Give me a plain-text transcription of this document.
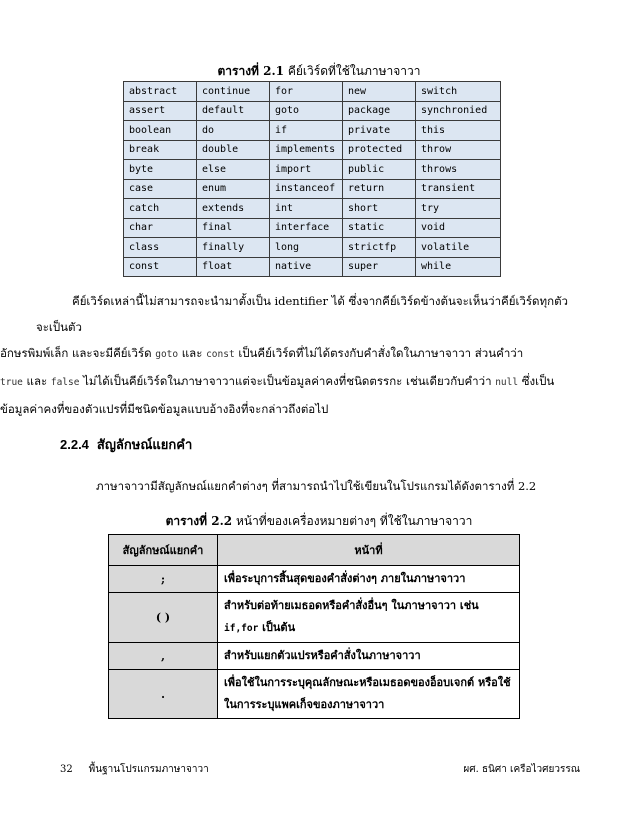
ตารางที่ 2.1 คีย์เวิร์ดที่ใช้ในภาษาจาวา
abstract	continue	for	new	switch
assert	default	goto	package	synchronied
boolean	do	if	private	this
break	double	implements	protected	throw
byte	else	import	public	throws
case	enum	instanceof	return	transient
catch	extends	int	short	try
char	final	interface	static	void
class	finally	long	strictfp	volatile
const	float	native	super	while

คีย์เวิร์ดเหล่านี้ไม่สามารถจะนำมาตั้งเป็น identifier ได้ ซึ่งจากคีย์เวิร์ดข้างต้นจะเห็นว่าคีย์เวิร์ดทุกตัวจะเป็นตัว

อักษรพิมพ์เล็ก และจะมีคีย์เวิร์ด goto และ const เป็นคีย์เวิร์ดที่ไม่ได้ตรงกับคำสั่งใดในภาษาจาวา ส่วนคำว่า

true และ false ไม่ได้เป็นคีย์เวิร์ดในภาษาจาวาแต่จะเป็นข้อมูลค่าคงที่ชนิดตรรกะ เช่นเดียวกับคำว่า null ซึ่งเป็น

ข้อมูลค่าคงที่ของตัวแปรที่มีชนิดข้อมูลแบบอ้างอิงที่จะกล่าวถึงต่อไป

2.2.4 สัญลักษณ์แยกคำ
ภาษาจาวามีสัญลักษณ์แยกคำต่างๆ ที่สามารถนำไปใช้เขียนในโปรแกรมได้ดังตารางที่ 2.2
ตารางที่ 2.2 หน้าที่ของเครื่องหมายต่างๆ ที่ใช้ในภาษาจาวา
สัญลักษณ์แยกคำ	หน้าที่
;	เพื่อระบุการสิ้นสุดของคำสั่งต่างๆ ภายในภาษาจาวา

( )	สำหรับต่อท้ายเมธอดหรือคำสั่งอื่นๆ ในภาษาจาวา เช่น
if,for เป็นต้น

,	สำหรับแยกตัวแปรหรือคำสั่งในภาษาจาวา

.	เพื่อใช้ในการระบุคุณลักษณะหรือเมธอดของอ็อบเจกต์ หรือใช้
ในการระบุแพคเก็จของภาษาจาวา
32 พื้นฐานโปรแกรมภาษาจาวา	ผศ. ธนิศา เครือไวศยวรรณ
